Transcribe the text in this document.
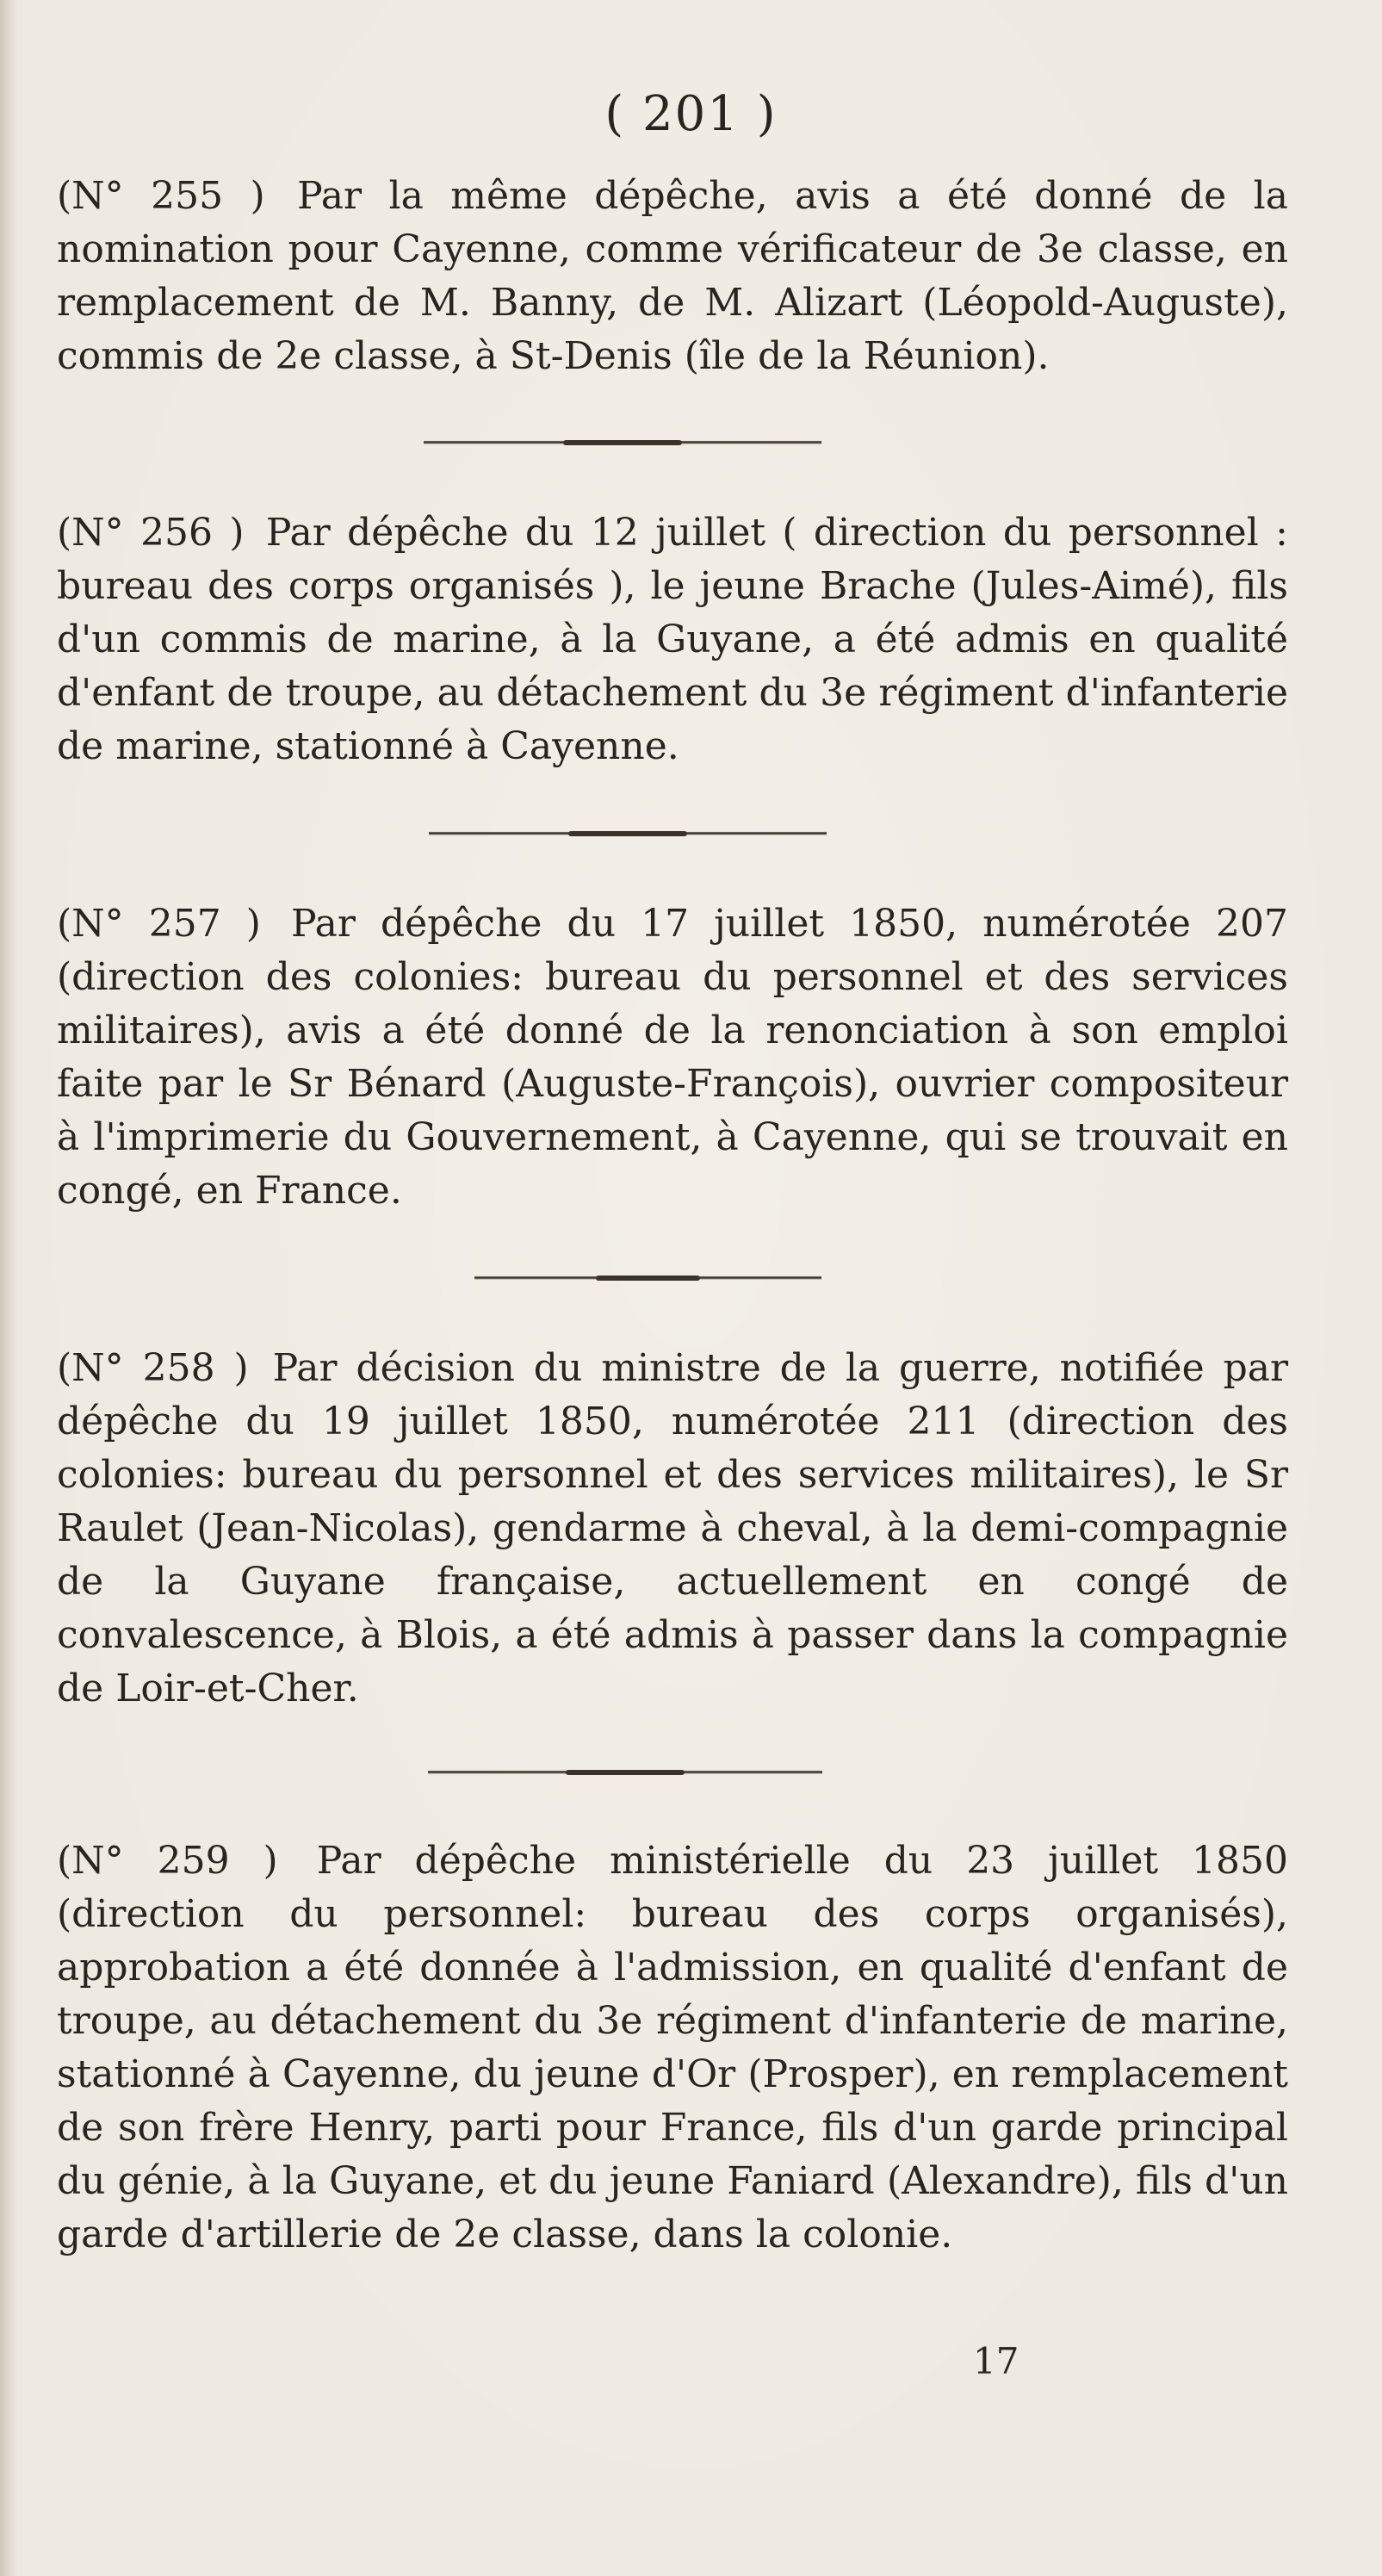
( 201 )
(N° 255 ) Par la même dépêche, avis a été donné de la nomination pour Cayenne, comme vérificateur de 3e classe, en remplacement de M. Banny, de M. Alizart (Léopold-Auguste), commis de 2e classe, à St-Denis (île de la Réunion).
(N° 256 ) Par dépêche du 12 juillet ( direction du personnel : bureau des corps organisés ), le jeune Brache (Jules-Aimé), fils d'un commis de marine, à la Guyane, a été admis en qualité d'enfant de troupe, au détachement du 3e régiment d'infanterie de marine, stationné à Cayenne.
(N° 257 ) Par dépêche du 17 juillet 1850, numérotée 207 (direction des colonies: bureau du personnel et des services militaires), avis a été donné de la renonciation à son emploi faite par le Sr Bénard (Auguste-François), ouvrier compositeur à l'imprimerie du Gouvernement, à Cayenne, qui se trouvait en congé, en France.
(N° 258 ) Par décision du ministre de la guerre, notifiée par dépêche du 19 juillet 1850, numérotée 211 (direction des colonies: bureau du personnel et des services militaires), le Sr Raulet (Jean-Nicolas), gendarme à cheval, à la demi-compagnie de la Guyane française, actuellement en congé de convalescence, à Blois, a été admis à passer dans la compagnie de Loir-et-Cher.
(N° 259 ) Par dépêche ministérielle du 23 juillet 1850 (direction du personnel: bureau des corps organisés), approbation a été donnée à l'admission, en qualité d'enfant de troupe, au détachement du 3e régiment d'infanterie de marine, stationné à Cayenne, du jeune d'Or (Prosper), en remplacement de son frère Henry, parti pour France, fils d'un garde principal du génie, à la Guyane, et du jeune Faniard (Alexandre), fils d'un garde d'artillerie de 2e classe, dans la colonie.
17
